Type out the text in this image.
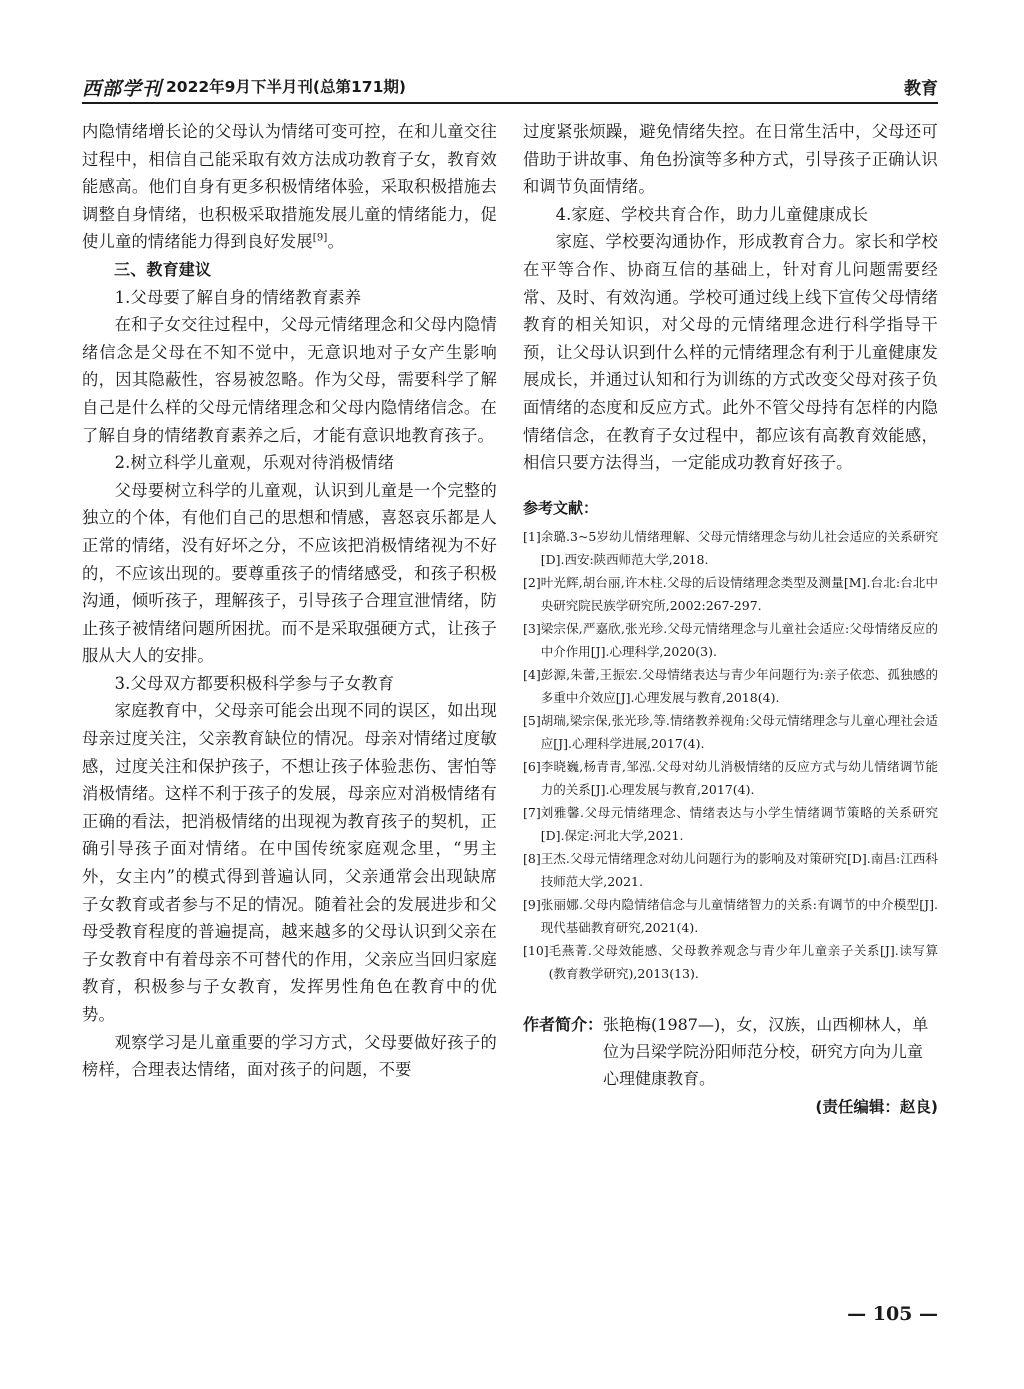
西部学刊 2022年9月下半月刊(总第171期)	教育

内隐情绪增长论的父母认为情绪可变可控，在和儿童交往过程中，相信自己能采取有效方法成功教育子女，教育效能感高。他们自身有更多积极情绪体验，采取积极措施去调整自身情绪，也积极采取措施发展儿童的情绪能力，促使儿童的情绪能力得到良好发展[9]。

三、教育建议

1.父母要了解自身的情绪教育素养

在和子女交往过程中，父母元情绪理念和父母内隐情绪信念是父母在不知不觉中，无意识地对子女产生影响的，因其隐蔽性，容易被忽略。作为父母，需要科学了解自己是什么样的父母元情绪理念和父母内隐情绪信念。在了解自身的情绪教育素养之后，才能有意识地教育孩子。

2.树立科学儿童观，乐观对待消极情绪

父母要树立科学的儿童观，认识到儿童是一个完整的独立的个体，有他们自己的思想和情感，喜怒哀乐都是人正常的情绪，没有好坏之分，不应该把消极情绪视为不好的，不应该出现的。要尊重孩子的情绪感受，和孩子积极沟通，倾听孩子，理解孩子，引导孩子合理宣泄情绪，防止孩子被情绪问题所困扰。而不是采取强硬方式，让孩子服从大人的安排。

3.父母双方都要积极科学参与子女教育

家庭教育中，父母亲可能会出现不同的误区，如出现母亲过度关注，父亲教育缺位的情况。母亲对情绪过度敏感，过度关注和保护孩子，不想让孩子体验悲伤、害怕等消极情绪。这样不利于孩子的发展，母亲应对消极情绪有正确的看法，把消极情绪的出现视为教育孩子的契机，正确引导孩子面对情绪。在中国传统家庭观念里，“男主外，女主内”的模式得到普遍认同，父亲通常会出现缺席子女教育或者参与不足的情况。随着社会的发展进步和父母受教育程度的普遍提高，越来越多的父母认识到父亲在子女教育中有着母亲不可替代的作用，父亲应当回归家庭教育，积极参与子女教育，发挥男性角色在教育中的优势。

观察学习是儿童重要的学习方式，父母要做好孩子的榜样，合理表达情绪，面对孩子的问题，不要

过度紧张烦躁，避免情绪失控。在日常生活中，父母还可借助于讲故事、角色扮演等多种方式，引导孩子正确认识和调节负面情绪。

4.家庭、学校共育合作，助力儿童健康成长

家庭、学校要沟通协作，形成教育合力。家长和学校在平等合作、协商互信的基础上，针对育儿问题需要经常、及时、有效沟通。学校可通过线上线下宣传父母情绪教育的相关知识，对父母的元情绪理念进行科学指导干预，让父母认识到什么样的元情绪理念有利于儿童健康发展成长，并通过认知和行为训练的方式改变父母对孩子负面情绪的态度和反应方式。此外不管父母持有怎样的内隐情绪信念，在教育子女过程中，都应该有高教育效能感，相信只要方法得当，一定能成功教育好孩子。

参考文献：
[1] 余璐.3~5岁幼儿情绪理解、父母元情绪理念与幼儿社会适应的关系研究[D].西安:陕西师范大学,2018.
[2] 叶光辉,胡台丽,许木柱.父母的后设情绪理念类型及测量[M].台北:台北中央研究院民族学研究所,2002:267-297.
[3] 梁宗保,严嘉欣,张光珍.父母元情绪理念与儿童社会适应:父母情绪反应的中介作用[J].心理科学,2020(3).
[4] 彭源,朱蕾,王振宏.父母情绪表达与青少年问题行为:亲子依恋、孤独感的多重中介效应[J].心理发展与教育,2018(4).
[5] 胡瑞,梁宗保,张光珍,等.情绪教养视角:父母元情绪理念与儿童心理社会适应[J].心理科学进展,2017(4).
[6] 李晓巍,杨青青,邹泓.父母对幼儿消极情绪的反应方式与幼儿情绪调节能力的关系[J].心理发展与教育,2017(4).
[7] 刘雅馨.父母元情绪理念、情绪表达与小学生情绪调节策略的关系研究[D].保定:河北大学,2021.
[8] 王杰.父母元情绪理念对幼儿问题行为的影响及对策研究[D].南昌:江西科技师范大学,2021.
[9] 张丽娜.父母内隐情绪信念与儿童情绪智力的关系:有调节的中介模型[J].现代基础教育研究,2021(4).
[10] 毛燕菁.父母效能感、父母教养观念与青少年儿童亲子关系[J].读写算(教育教学研究),2013(13).
作者简介： 张艳梅(1987—)，女，汉族，山西柳林人，单位为吕梁学院汾阳师范分校，研究方向为儿童心理健康教育。
(责任编辑：赵良)
— 105 —
